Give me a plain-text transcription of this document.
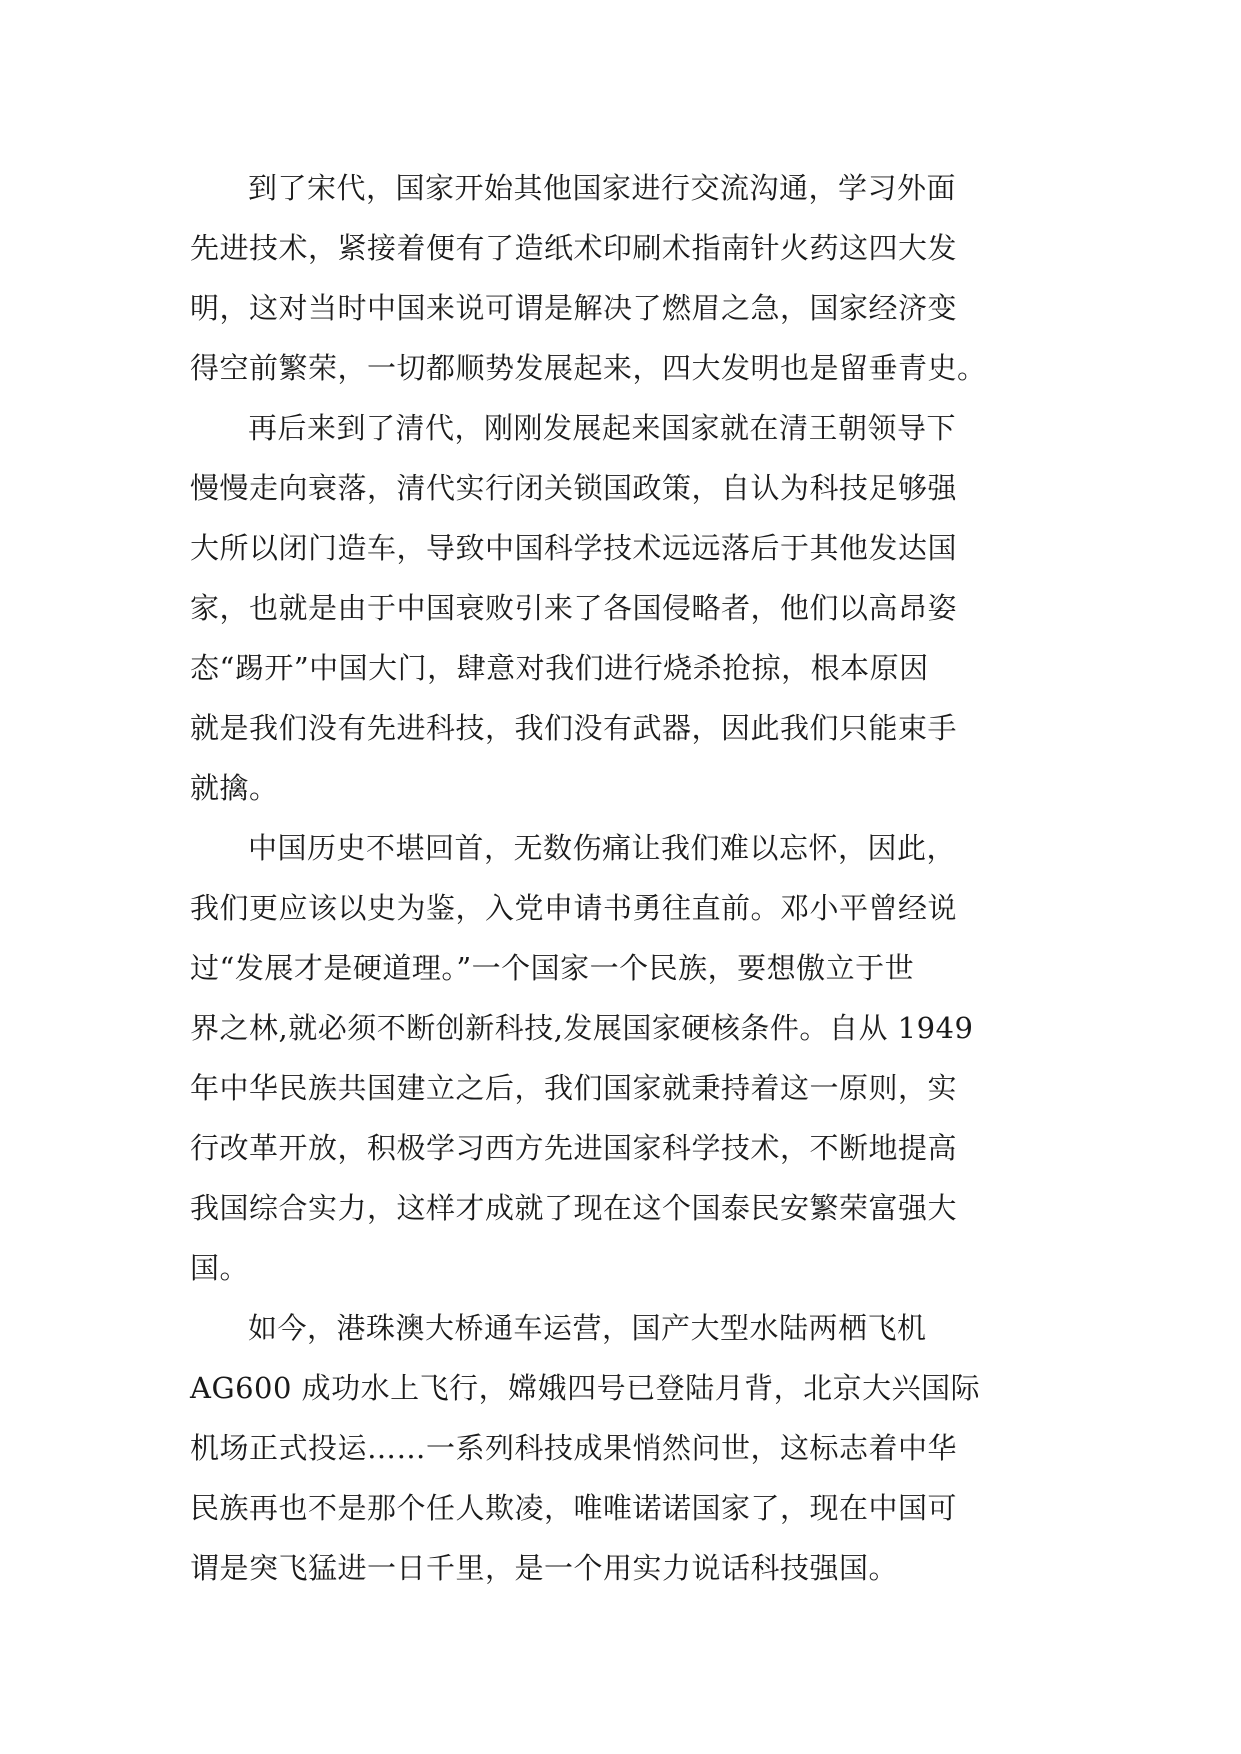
到了宋代，国家开始其他国家进行交流沟通，学习外面
先进技术，紧接着便有了造纸术印刷术指南针火药这四大发
明，这对当时中国来说可谓是解决了燃眉之急，国家经济变
得空前繁荣，一切都顺势发展起来，四大发明也是留垂青史。

再后来到了清代，刚刚发展起来国家就在清王朝领导下
慢慢走向衰落，清代实行闭关锁国政策，自认为科技足够强
大所以闭门造车，导致中国科学技术远远落后于其他发达国
家，也就是由于中国衰败引来了各国侵略者，他们以高昂姿
态“踢开”中国大门，肆意对我们进行烧杀抢掠，根本原因
就是我们没有先进科技，我们没有武器，因此我们只能束手
就擒。

中国历史不堪回首，无数伤痛让我们难以忘怀，因此，
我们更应该以史为鉴，入党申请书勇往直前。邓小平曾经说
过“发展才是硬道理。”一个国家一个民族，要想傲立于世
界之林,就必须不断创新科技,发展国家硬核条件。自从 1949
年中华民族共国建立之后，我们国家就秉持着这一原则，实
行改革开放，积极学习西方先进国家科学技术，不断地提高
我国综合实力，这样才成就了现在这个国泰民安繁荣富强大
国。

如今，港珠澳大桥通车运营，国产大型水陆两栖飞机
AG600 成功水上飞行，嫦娥四号已登陆月背，北京大兴国际
机场正式投运……一系列科技成果悄然问世，这标志着中华
民族再也不是那个任人欺凌，唯唯诺诺国家了，现在中国可
谓是突飞猛进一日千里，是一个用实力说话科技强国。
